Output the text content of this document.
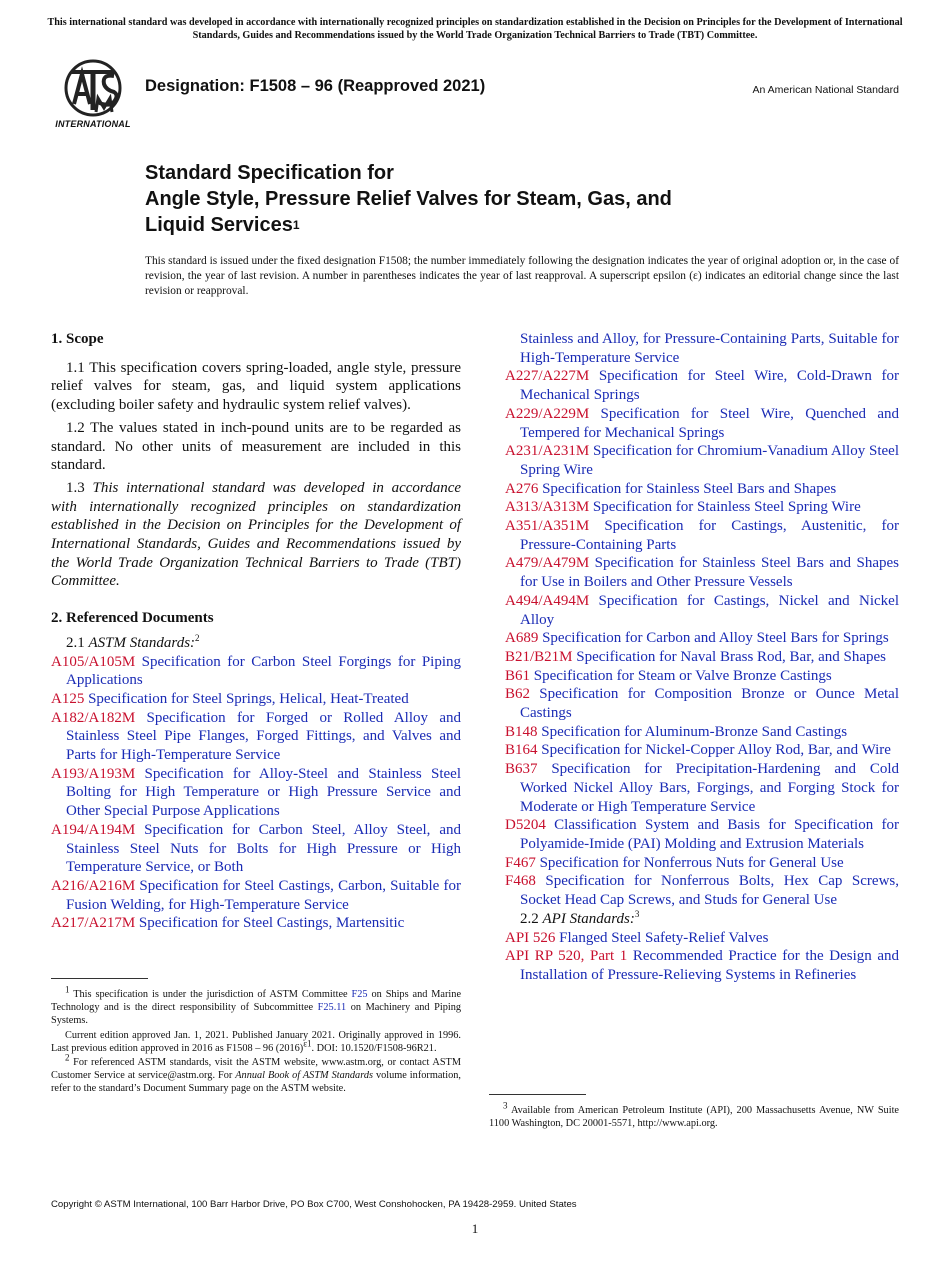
This international standard was developed in accordance with internationally recognized principles on standardization established in the Decision on Principles for the Development of International Standards, Guides and Recommendations issued by the World Trade Organization Technical Barriers to Trade (TBT) Committee.
INTERNATIONAL
Designation: F1508 – 96 (Reapproved 2021)	An American National Standard
Standard Specification for
Angle Style, Pressure Relief Valves for Steam, Gas, and
Liquid Services$^1$
This standard is issued under the fixed designation F1508; the number immediately following the designation indicates the year of original adoption or, in the case of revision, the year of last revision. A number in parentheses indicates the year of last reapproval. A superscript epsilon (ε) indicates an editorial change since the last revision or reapproval.
1. Scope

1.1 This specification covers spring-loaded, angle style, pressure relief valves for steam, gas, and liquid system applications (excluding boiler safety and hydraulic system relief valves).

1.2 The values stated in inch-pound units are to be regarded as standard. No other units of measurement are included in this standard.

1.3 This international standard was developed in accordance with internationally recognized principles on standardization established in the Decision on Principles for the Development of International Standards, Guides and Recommendations issued by the World Trade Organization Technical Barriers to Trade (TBT) Committee.

2. Referenced Documents

2.1 ASTM Standards:$^2$

A105/A105M Specification for Carbon Steel Forgings for Piping Applications

A125 Specification for Steel Springs, Helical, Heat-Treated

A182/A182M Specification for Forged or Rolled Alloy and Stainless Steel Pipe Flanges, Forged Fittings, and Valves and Parts for High-Temperature Service

A193/A193M Specification for Alloy-Steel and Stainless Steel Bolting for High Temperature or High Pressure Service and Other Special Purpose Applications

A194/A194M Specification for Carbon Steel, Alloy Steel, and Stainless Steel Nuts for Bolts for High Pressure or High Temperature Service, or Both

A216/A216M Specification for Steel Castings, Carbon, Suitable for Fusion Welding, for High-Temperature Service

A217/A217M Specification for Steel Castings, Martensitic

Stainless and Alloy, for Pressure-Containing Parts, Suitable for High-Temperature Service

A227/A227M Specification for Steel Wire, Cold-Drawn for Mechanical Springs

A229/A229M Specification for Steel Wire, Quenched and Tempered for Mechanical Springs

A231/A231M Specification for Chromium-Vanadium Alloy Steel Spring Wire

A276 Specification for Stainless Steel Bars and Shapes

A313/A313M Specification for Stainless Steel Spring Wire

A351/A351M Specification for Castings, Austenitic, for Pressure-Containing Parts

A479/A479M Specification for Stainless Steel Bars and Shapes for Use in Boilers and Other Pressure Vessels

A494/A494M Specification for Castings, Nickel and Nickel Alloy

A689 Specification for Carbon and Alloy Steel Bars for Springs

B21/B21M Specification for Naval Brass Rod, Bar, and Shapes

B61 Specification for Steam or Valve Bronze Castings

B62 Specification for Composition Bronze or Ounce Metal Castings

B148 Specification for Aluminum-Bronze Sand Castings

B164 Specification for Nickel-Copper Alloy Rod, Bar, and Wire

B637 Specification for Precipitation-Hardening and Cold Worked Nickel Alloy Bars, Forgings, and Forging Stock for Moderate or High Temperature Service

D5204 Classification System and Basis for Specification for Polyamide-Imide (PAI) Molding and Extrusion Materials

F467 Specification for Nonferrous Nuts for General Use

F468 Specification for Nonferrous Bolts, Hex Cap Screws, Socket Head Cap Screws, and Studs for General Use

2.2 API Standards:$^3$

API 526 Flanged Steel Safety-Relief Valves

API RP 520, Part 1 Recommended Practice for the Design and Installation of Pressure-Relieving Systems in Refineries

$^1$ This specification is under the jurisdiction of ASTM Committee F25 on Ships and Marine Technology and is the direct responsibility of Subcommittee F25.11 on Machinery and Piping Systems.

Current edition approved Jan. 1, 2021. Published January 2021. Originally approved in 1996. Last previous edition approved in 2016 as F1508 – 96 $(2016)^{\varepsilon 1}$. DOI: 10.1520/F1508-96R21.

$^2$ For referenced ASTM standards, visit the ASTM website, www.astm.org, or contact ASTM Customer Service at service@astm.org. For Annual Book of ASTM Standards volume information, refer to the standard’s Document Summary page on the ASTM website.

$^3$ Available from American Petroleum Institute (API), 200 Massachusetts Avenue, NW Suite 1100 Washington, DC 20001-5571, http://www.api.org.

Copyright © ASTM International, 100 Barr Harbor Drive, PO Box C700, West Conshohocken, PA 19428-2959. United States
1
